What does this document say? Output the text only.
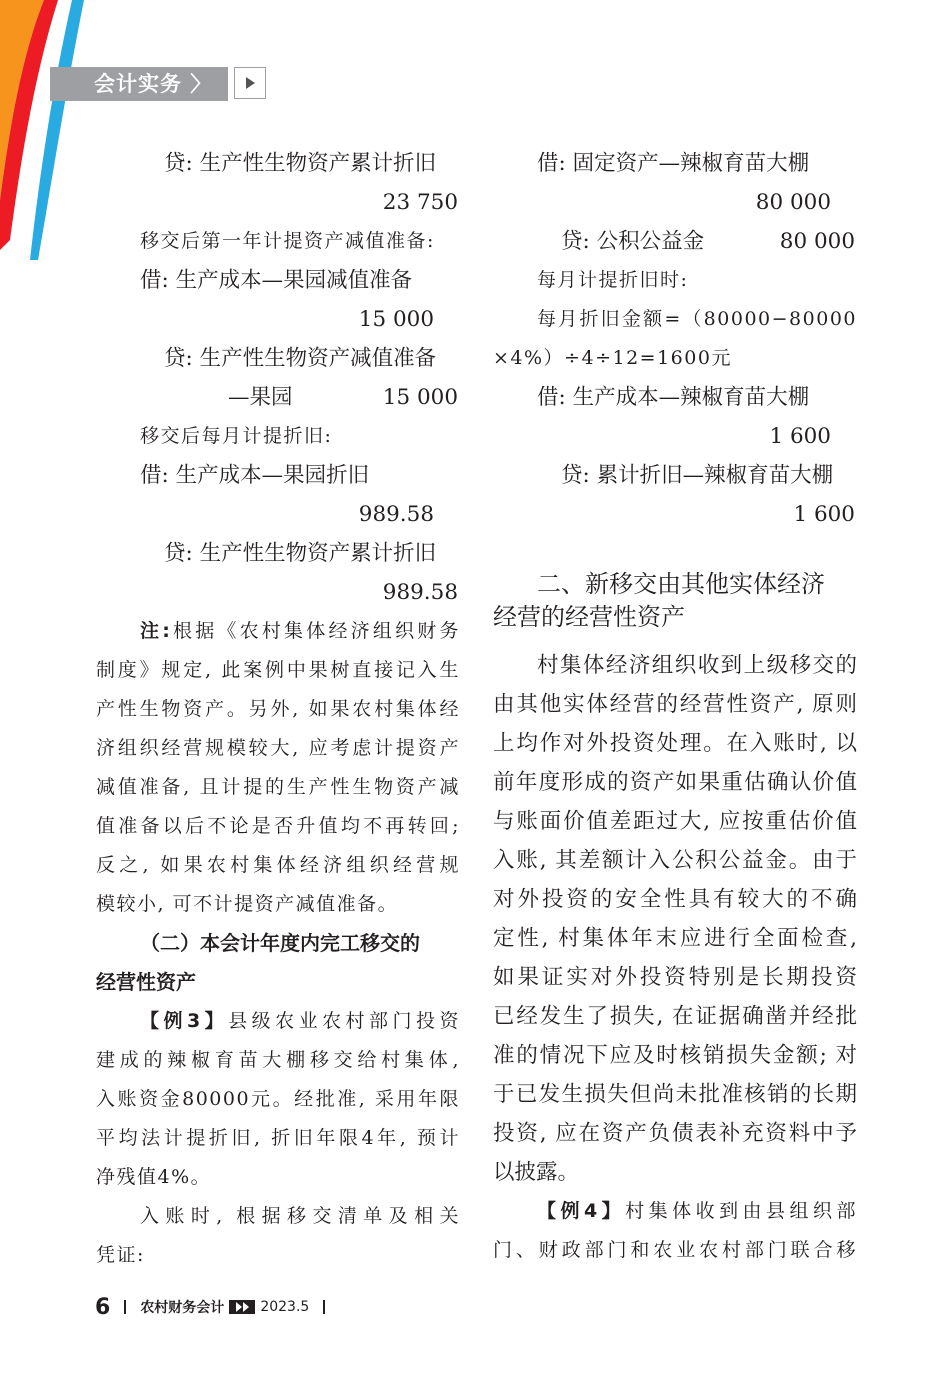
会计实务 〉

贷: 生产性生物资产累计折旧

23 750

移交后第一年计提资产减值准备:

借: 生产成本—果园减值准备

15 000

贷: 生产性生物资产减值准备

—果园	15 000

移交后每月计提折旧:

借: 生产成本—果园折旧

989.58

贷: 生产性生物资产累计折旧

989.58

注:根据《农村集体经济组织财务

制度》规定, 此案例中果树直接记入生

产性生物资产。另外, 如果农村集体经

济组织经营规模较大, 应考虑计提资产

减值准备, 且计提的生产性生物资产减

值准备以后不论是否升值均不再转回;

反之, 如果农村集体经济组织经营规

模较小, 可不计提资产减值准备。

（二）本会计年度内完工移交的

经营性资产

【例3】县级农业农村部门投资

建成的辣椒育苗大棚移交给村集体,

入账资金80000元。经批准, 采用年限

平均法计提折旧, 折旧年限4年, 预计

净残值4%。

入账时, 根据移交清单及相关

凭证:

借: 固定资产—辣椒育苗大棚

80 000

贷: 公积公益金	80 000

每月计提折旧时:

每月折旧金额=（80000−80000

×4%）÷4÷12=1600元

借: 生产成本—辣椒育苗大棚

1 600

贷: 累计折旧—辣椒育苗大棚

1 600

二、新移交由其他实体经济

经营的经营性资产

村集体经济组织收到上级移交的

由其他实体经营的经营性资产, 原则

上均作对外投资处理。在入账时, 以

前年度形成的资产如果重估确认价值

与账面价值差距过大, 应按重估价值

入账, 其差额计入公积公益金。由于

对外投资的安全性具有较大的不确

定性, 村集体年末应进行全面检查,

如果证实对外投资特别是长期投资

已经发生了损失, 在证据确凿并经批

准的情况下应及时核销损失金额; 对

于已发生损失但尚未批准核销的长期

投资, 应在资产负债表补充资料中予

以披露。

【例4】村集体收到由县组织部

门、财政部门和农业农村部门联合移

6 农村财务会计	2023.5
